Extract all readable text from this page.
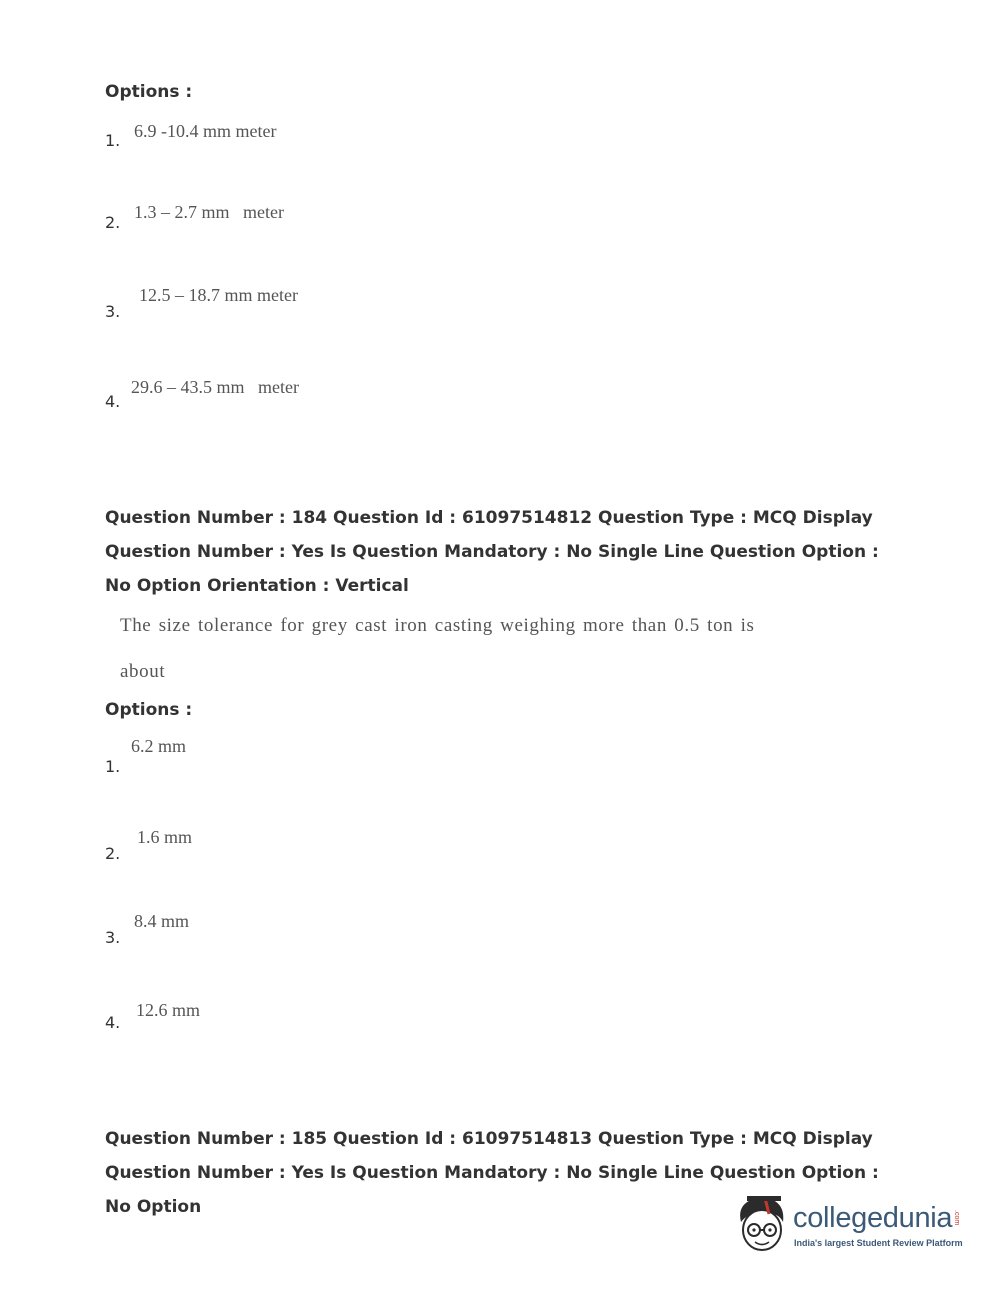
Options :
6.9 -10.4 mm meter
1.
1.3 – 2.7 mm   meter
2.
12.5 – 18.7 mm meter
3.
29.6 – 43.5 mm   meter
4.
Question Number : 184 Question Id : 61097514812 Question Type : MCQ Display Question Number : Yes Is Question Mandatory : No Single Line Question Option : No Option Orientation : Vertical
The size tolerance for grey cast iron casting weighing more than 0.5 ton is
about
Options :
6.2 mm
1.
1.6 mm
2.
8.4 mm
3.
12.6 mm
4.
Question Number : 185 Question Id : 61097514813 Question Type : MCQ Display Question Number : Yes Is Question Mandatory : No Single Line Question Option : No Option	collegedunia .com
India's largest Student Review Platform
